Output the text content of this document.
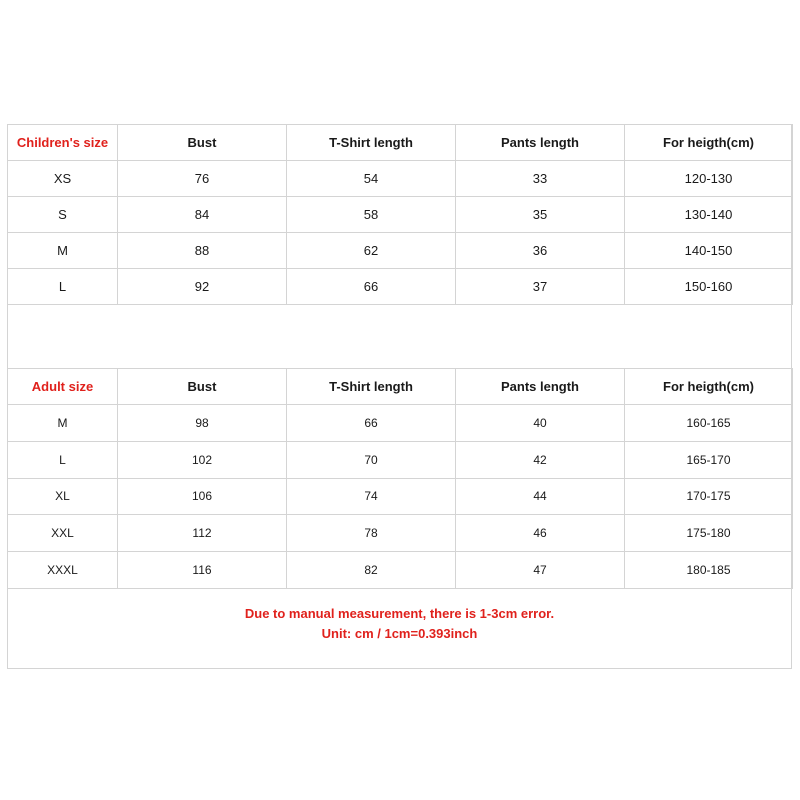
Children's size	Bust	T-Shirt length	Pants length	For heigth(cm)
XS	76	54	33	120-130
S	84	58	35	130-140
M	88	62	36	140-150
L	92	66	37	150-160
Adult size	Bust	T-Shirt length	Pants length	For heigth(cm)
M	98	66	40	160-165
L	102	70	42	165-170
XL	106	74	44	170-175
XXL	112	78	46	175-180
XXXL	116	82	47	180-185
Due to manual measurement, there is 1-3cm error.
Unit: cm / 1cm=0.393inch
